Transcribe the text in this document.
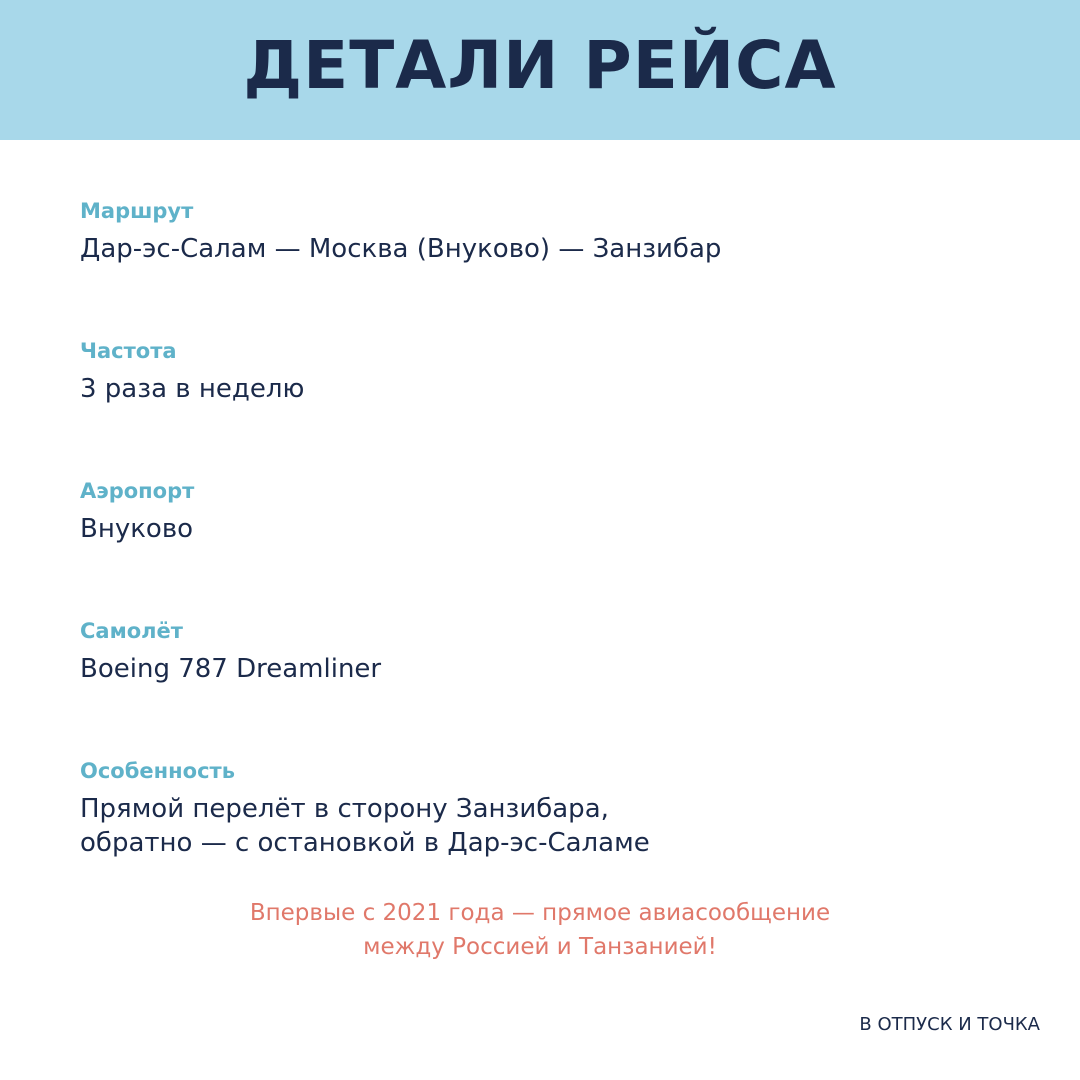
ДЕТАЛИ РЕЙСА
Маршрут
Дар-эс-Салам — Москва (Внуково) — Занзибар
Частота
3 раза в неделю
Аэропорт
Внуково
Самолёт
Boeing 787 Dreamliner
Особенность
Прямой перелёт в сторону Занзибара,
обратно — с остановкой в Дар-эс-Саламе
Впервые с 2021 года — прямое авиасообщение
между Россией и Танзанией!
В ОТПУСК И ТОЧКА
